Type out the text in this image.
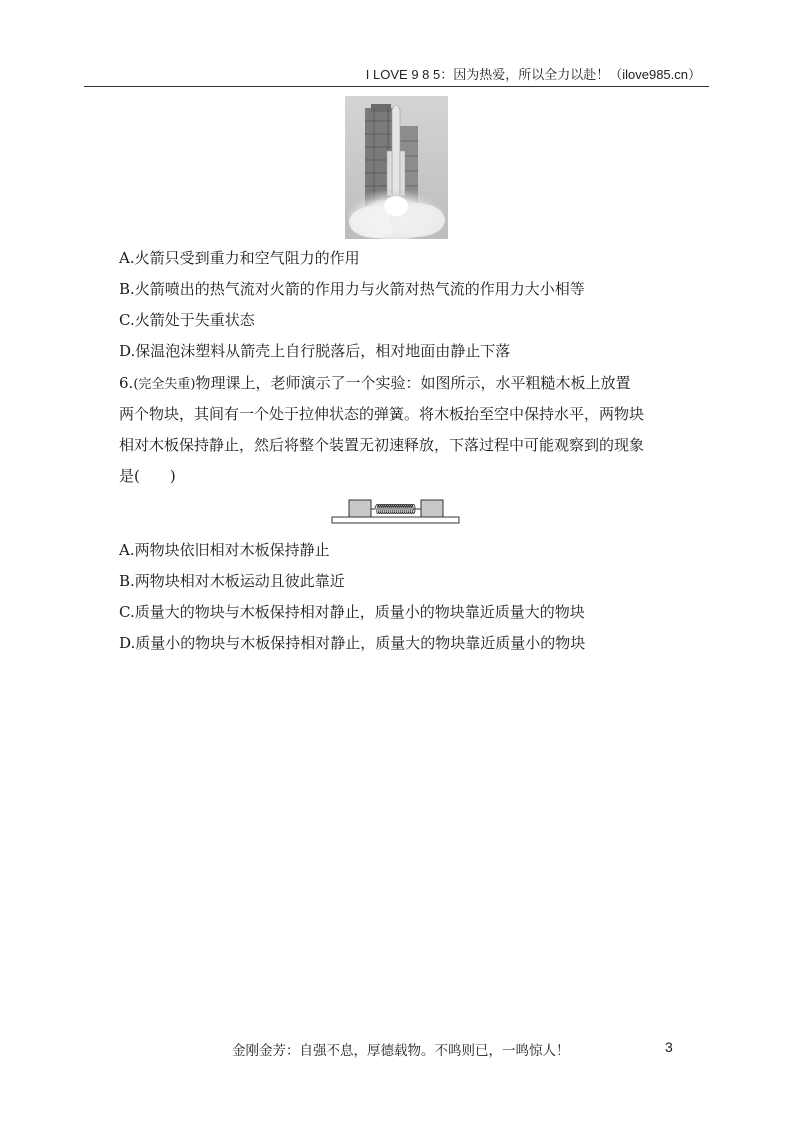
I LOVE 9 8 5：因为热爱，所以全力以赴！（ilove985.cn）
A.火箭只受到重力和空气阻力的作用
B.火箭喷出的热气流对火箭的作用力与火箭对热气流的作用力大小相等
C.火箭处于失重状态
D.保温泡沫塑料从箭壳上自行脱落后，相对地面由静止下落
6.(完全失重)物理课上，老师演示了一个实验：如图所示，水平粗糙木板上放置
两个物块，其间有一个处于拉伸状态的弹簧。将木板抬至空中保持水平，两物块
相对木板保持静止，然后将整个装置无初速释放，下落过程中可能观察到的现象
是(　　)
A.两物块依旧相对木板保持静止
B.两物块相对木板运动且彼此靠近
C.质量大的物块与木板保持相对静止，质量小的物块靠近质量大的物块
D.质量小的物块与木板保持相对静止，质量大的物块靠近质量小的物块
金刚金芳：自强不息，厚德载物。不鸣则已，一鸣惊人！	3
